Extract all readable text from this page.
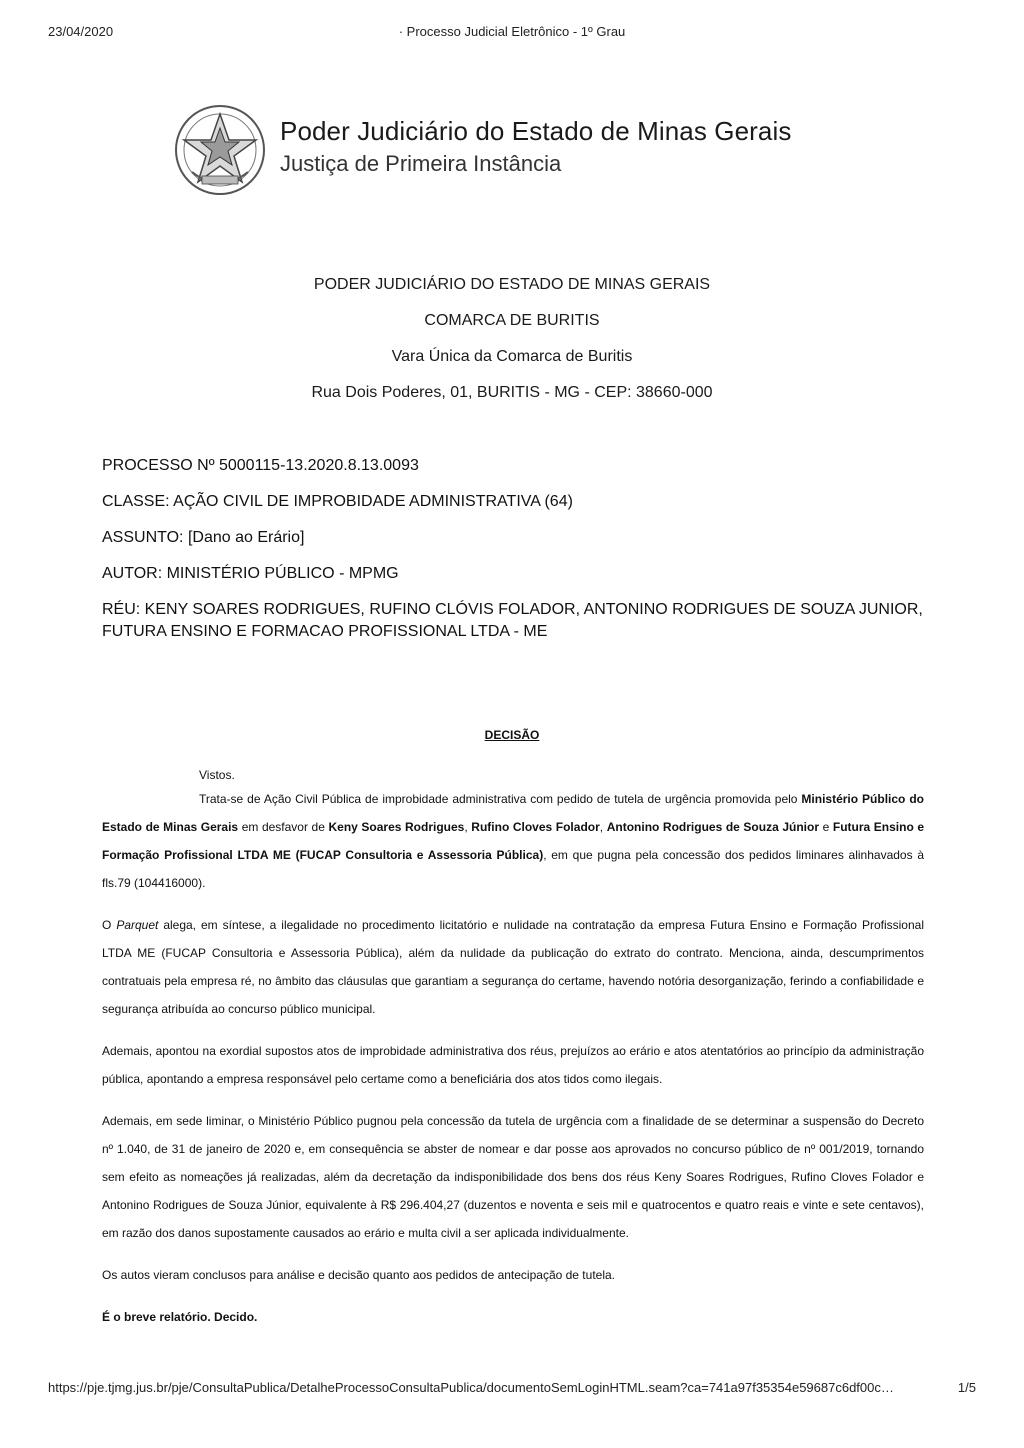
23/04/2020	· Processo Judicial Eletrônico - 1º Grau
Poder Judiciário do Estado de Minas Gerais
Justiça de Primeira Instância
PODER JUDICIÁRIO DO ESTADO DE MINAS GERAIS
COMARCA DE BURITIS
Vara Única da Comarca de Buritis
Rua Dois Poderes, 01, BURITIS - MG - CEP: 38660-000
PROCESSO Nº 5000115-13.2020.8.13.0093
CLASSE: AÇÃO CIVIL DE IMPROBIDADE ADMINISTRATIVA (64)
ASSUNTO: [Dano ao Erário]
AUTOR: MINISTÉRIO PÚBLICO - MPMG
RÉU: KENY SOARES RODRIGUES, RUFINO CLÓVIS FOLADOR, ANTONINO RODRIGUES DE SOUZA JUNIOR, FUTURA ENSINO E FORMACAO PROFISSIONAL LTDA - ME
DECISÃO

Vistos.

Trata-se de Ação Civil Pública de improbidade administrativa com pedido de tutela de urgência promovida pelo Ministério Público do Estado de Minas Gerais em desfavor de Keny Soares Rodrigues, Rufino Cloves Folador, Antonino Rodrigues de Souza Júnior e Futura Ensino e Formação Profissional LTDA ME (FUCAP Consultoria e Assessoria Pública), em que pugna pela concessão dos pedidos liminares alinhavados à fls.79 (104416000).

O Parquet alega, em síntese, a ilegalidade no procedimento licitatório e nulidade na contratação da empresa Futura Ensino e Formação Profissional LTDA ME (FUCAP Consultoria e Assessoria Pública), além da nulidade da publicação do extrato do contrato. Menciona, ainda, descumprimentos contratuais pela empresa ré, no âmbito das cláusulas que garantiam a segurança do certame, havendo notória desorganização, ferindo a confiabilidade e segurança atribuída ao concurso público municipal.

Ademais, apontou na exordial supostos atos de improbidade administrativa dos réus, prejuízos ao erário e atos atentatórios ao princípio da administração pública, apontando a empresa responsável pelo certame como a beneficiária dos atos tidos como ilegais.

Ademais, em sede liminar, o Ministério Público pugnou pela concessão da tutela de urgência com a finalidade de se determinar a suspensão do Decreto nº 1.040, de 31 de janeiro de 2020 e, em consequência se abster de nomear e dar posse aos aprovados no concurso público de nº 001/2019, tornando sem efeito as nomeações já realizadas, além da decretação da indisponibilidade dos bens dos réus Keny Soares Rodrigues, Rufino Cloves Folador e Antonino Rodrigues de Souza Júnior, equivalente à R$ 296.404,27 (duzentos e noventa e seis mil e quatrocentos e quatro reais e vinte e sete centavos), em razão dos danos supostamente causados ao erário e multa civil a ser aplicada individualmente.

Os autos vieram conclusos para análise e decisão quanto aos pedidos de antecipação de tutela.

É o breve relatório. Decido.

https://pje.tjmg.jus.br/pje/ConsultaPublica/DetalheProcessoConsultaPublica/documentoSemLoginHTML.seam?ca=741a97f35354e59687c6df00c…	1/5
